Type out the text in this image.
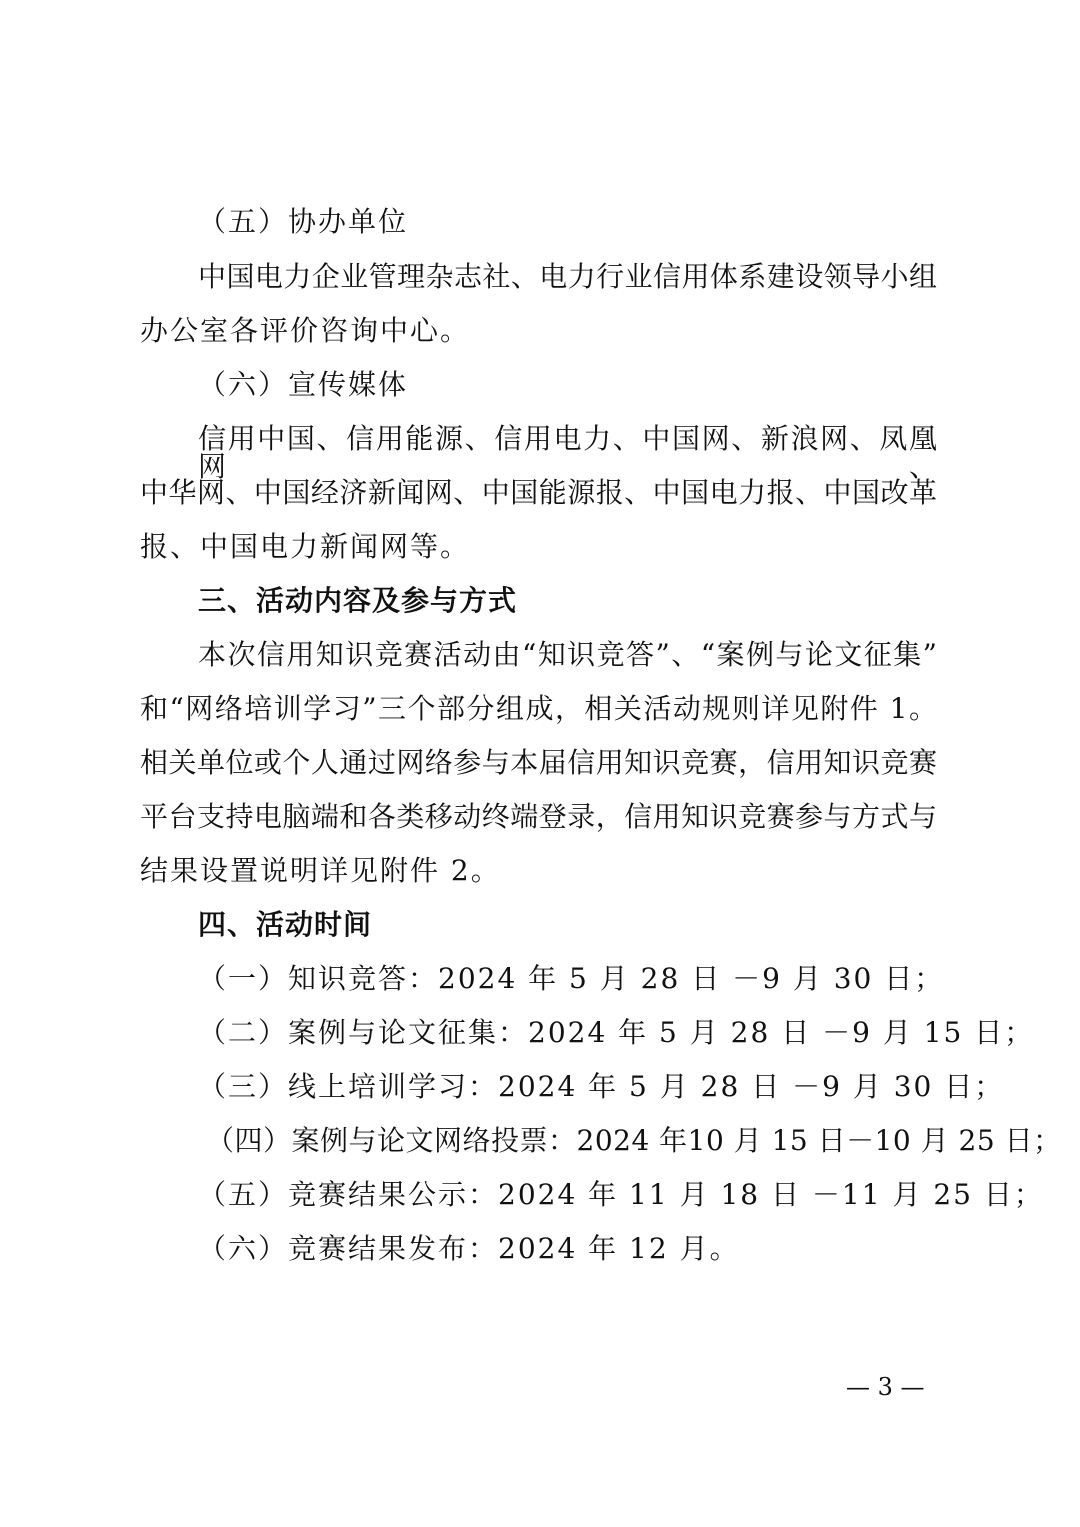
（五）协办单位
中国电力企业管理杂志社、电力行业信用体系建设领导小组
办公室各评价咨询中心。
（六）宣传媒体
信用中国、信用能源、信用电力、中国网、新浪网、凤凰网、
中华网、中国经济新闻网、中国能源报、中国电力报、中国改革
报、中国电力新闻网等。
三、活动内容及参与方式
本次信用知识竞赛活动由“知识竞答”、“案例与论文征集”
和“网络培训学习”三个部分组成，相关活动规则详见附件 1。
相关单位或个人通过网络参与本届信用知识竞赛，信用知识竞赛
平台支持电脑端和各类移动终端登录，信用知识竞赛参与方式与
结果设置说明详见附件 2。
四、活动时间
（一）知识竞答：2024 年 5 月 28 日 －9 月 30 日；
（二）案例与论文征集：2024 年 5 月 28 日 －9 月 15 日；
（三）线上培训学习：2024 年 5 月 28 日 －9 月 30 日；
（四）案例与论文网络投票：2024 年10 月 15 日－10 月 25 日；
（五）竞赛结果公示：2024 年 11 月 18 日 －11 月 25 日；
（六）竞赛结果发布：2024 年 12 月。
— 3 —
